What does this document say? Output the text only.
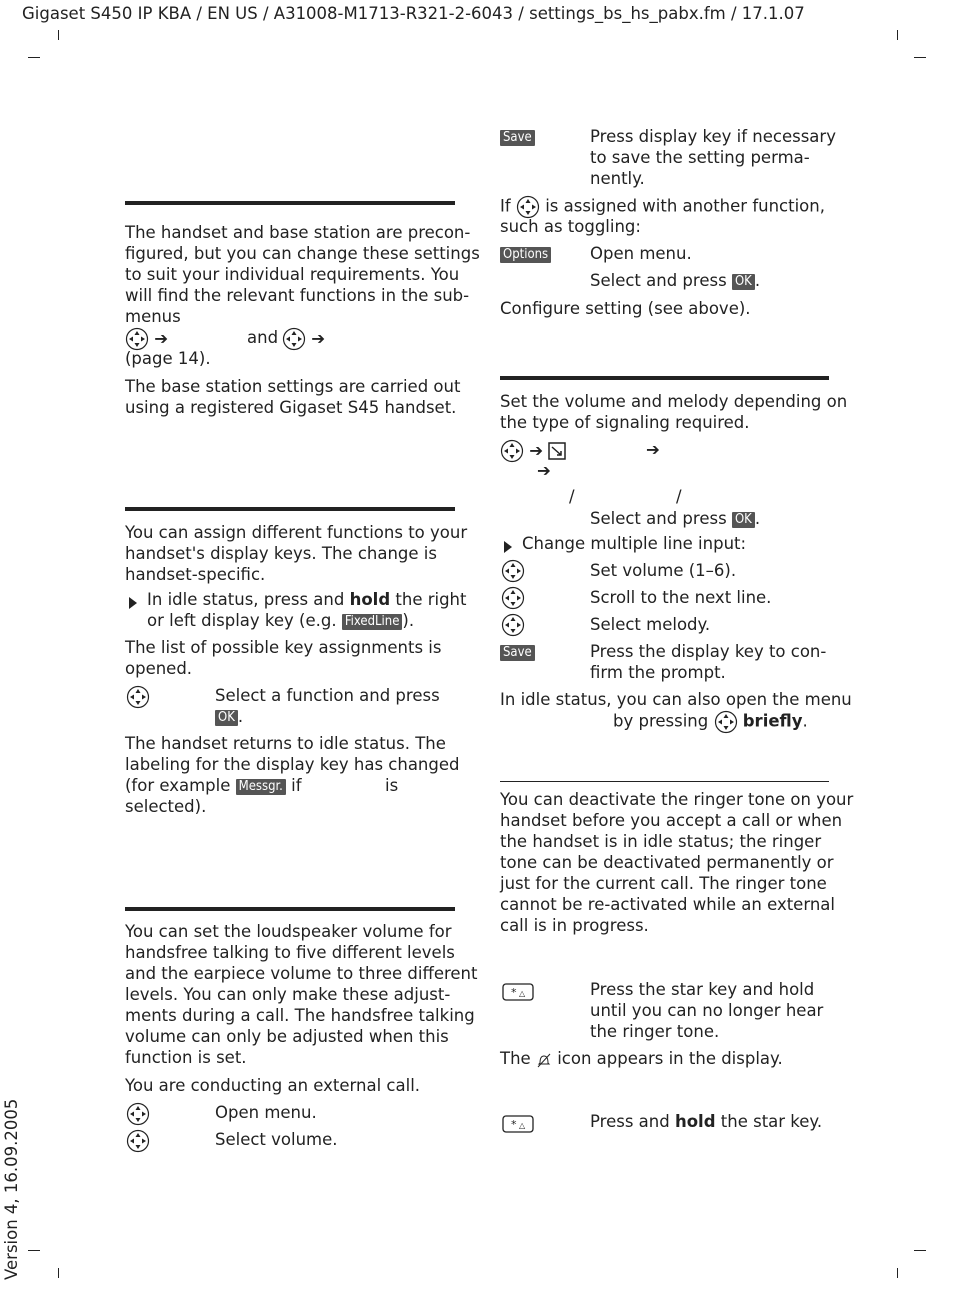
Gigaset S450 IP KBA / EN US / A31008-M1713-R321-2-6043 / settings_bs_hs_pabx.fm / 17.1.07
Version 4, 16.09.2005
The handset and base station are precon-
figured, but you can change these settings
to suit your individual requirements. You
will find the relevant functions in the sub-
menus
➔	and	➔
(page 14).
The base station settings are carried out
using a registered Gigaset S45 handset.
You can assign different functions to your
handset's display keys. The change is
handset-specific.
In idle status, press and hold the right
or left display key (e.g. FixedLine ).
The list of possible key assignments is
opened.
Select a function and press
OK .
The handset returns to idle status. The
labeling for the display key has changed
(for example Messgr. if	is
selected).
You can set the loudspeaker volume for
handsfree talking to five different levels
and the earpiece volume to three different
levels. You can only make these adjust-
ments during a call. The handsfree talking
volume can only be adjusted when this
function is set.
You are conducting an external call.
Open menu.
Select volume.
Save	Press display key if necessary
to save the setting perma-
nently.
If is assigned with another function,
such as toggling:
Options	Open menu.
Select and press OK .
Configure setting (see above).
Set the volume and melody depending on
the type of signaling required.
➔	➔
➔
/	/
Select and press OK .
Change multiple line input:
Set volume (1–6).
Scroll to the next line.
Select melody.
Save	Press the display key to con-
firm the prompt.
In idle status, you can also open the menu
by pressing briefly.
You can deactivate the ringer tone on your
handset before you accept a call or when
the handset is in idle status; the ringer
tone can be deactivated permanently or
just for the current call. The ringer tone
cannot be re-activated while an external
call is in progress.
Press the star key and hold
until you can no longer hear
the ringer tone.
The icon appears in the display.
Press and hold the star key.
